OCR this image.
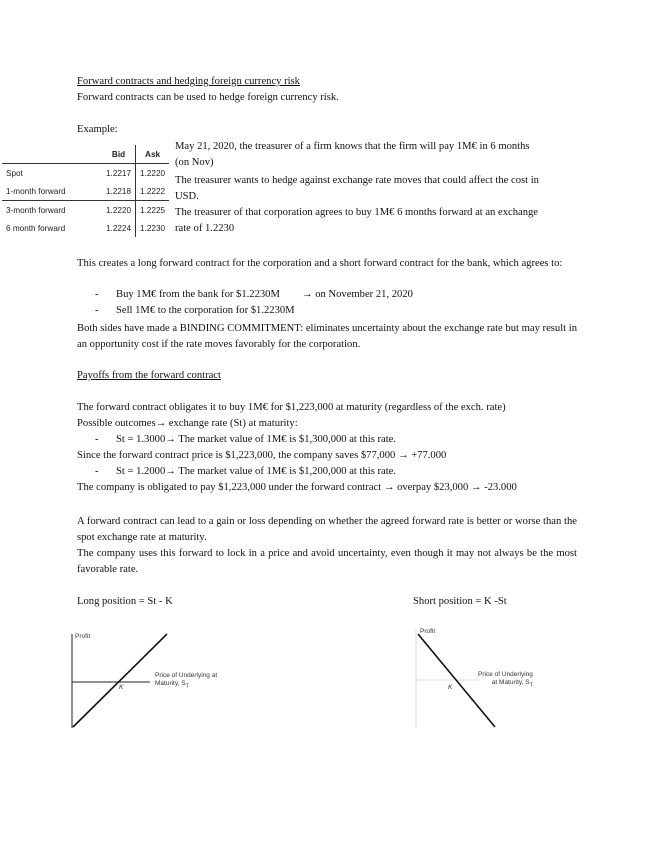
Forward contracts and hedging foreign currency risk
Forward contracts can be used to hedge foreign currency risk.
Example:
	Bid	Ask
Spot	1.2217	1.2220
1-month forward	1.2218	1.2222
3-month forward	1.2220	1.2225
6 month forward	1.2224	1.2230
May 21, 2020, the treasurer of a firm knows that the firm will pay 1M€ in 6 months
(on Nov)
The treasurer wants to hedge against exchange rate moves that could affect the cost in
USD.
The treasurer of that corporation agrees to buy 1M€ 6 months forward at an exchange
rate of 1.2230
This creates a long forward contract for the corporation and a short forward contract for the bank, which agrees to:
- Buy 1M€ from the bank for $1.2230M → on November 21, 2020
- Sell 1M€ to the corporation for $1.2230M
Both sides have made a BINDING COMMITMENT: eliminates uncertainty about the exchange rate but may result in an opportunity cost if the rate moves favorably for the corporation.
Payoffs from the forward contract
The forward contract obligates it to buy 1M€ for $1,223,000 at maturity (regardless of the exch. rate)
Possible outcomes→ exchange rate (St) at maturity:
- St = 1.3000→ The market value of 1M€ is $1,300,000 at this rate.
Since the forward contract price is $1,223,000, the company saves $77,000 → +77.000
- St = 1.2000→ The market value of 1M€ is $1,200,000 at this rate.
The company is obligated to pay $1,223,000 under the forward contract → overpay $23,000 → -23.000
A forward contract can lead to a gain or loss depending on whether the agreed forward rate is better or worse than the spot exchange rate at maturity.
The company uses this forward to lock in a price and avoid uncertainty, even though it may not always be the most favorable rate.
Long position = St - K	Short position = K -St
Profit
Price of Underlying at
Maturity, $S_T$
K
Profit
Price of Underlying
at Maturity, $S_T$
K
